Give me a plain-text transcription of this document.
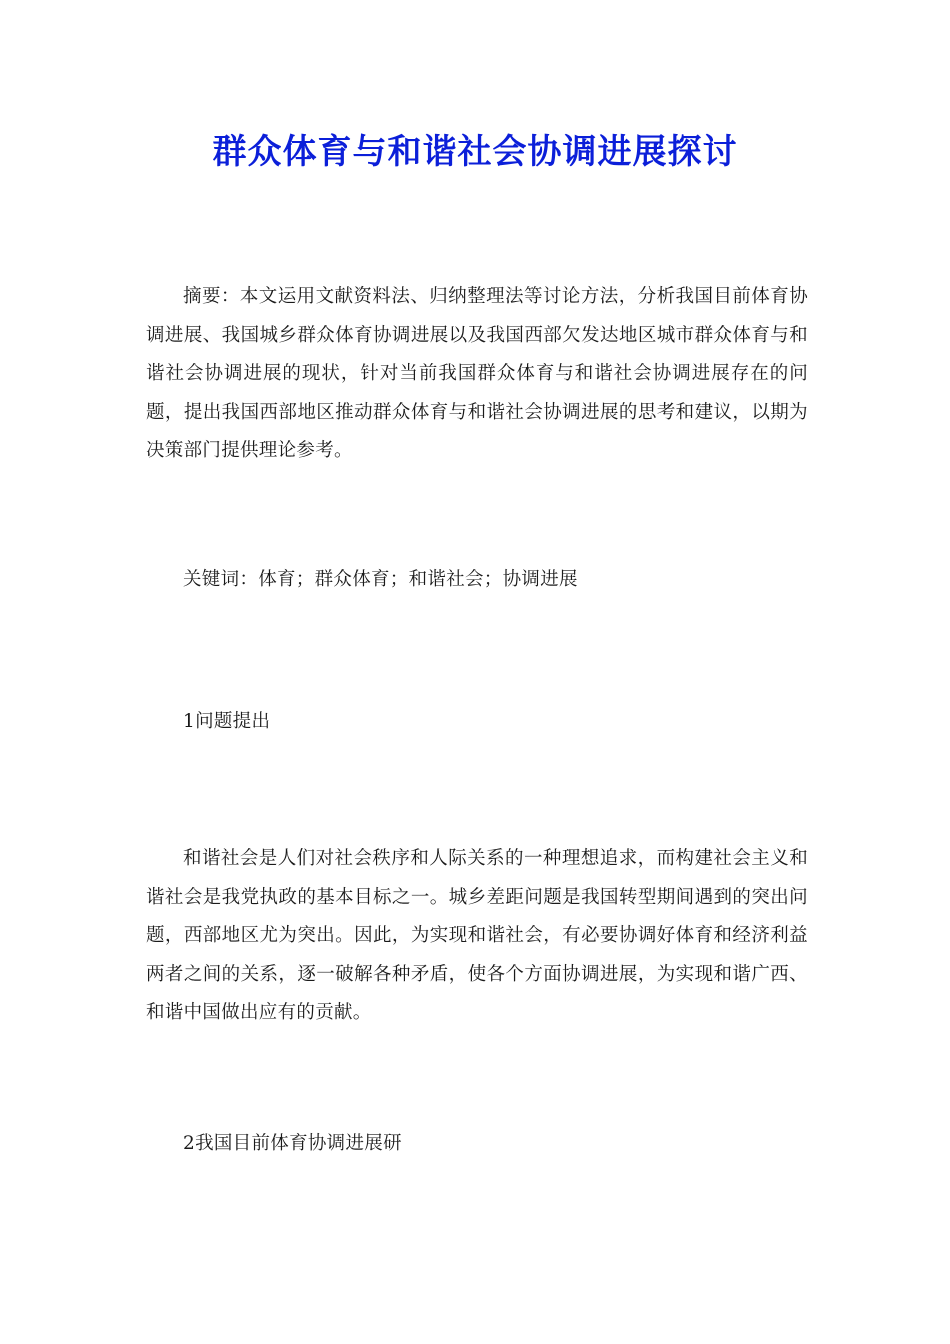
群众体育与和谐社会协调进展探讨

摘要：本文运用文献资料法、归纳整理法等讨论方法，分析我国目前体育协调进展、我国城乡群众体育协调进展以及我国西部欠发达地区城市群众体育与和谐社会协调进展的现状，针对当前我国群众体育与和谐社会协调进展存在的问题，提出我国西部地区推动群众体育与和谐社会协调进展的思考和建议，以期为决策部门提供理论参考。

关键词：体育；群众体育；和谐社会；协调进展

1问题提出

和谐社会是人们对社会秩序和人际关系的一种理想追求，而构建社会主义和谐社会是我党执政的基本目标之一。城乡差距问题是我国转型期间遇到的突出问题，西部地区尤为突出。因此，为实现和谐社会，有必要协调好体育和经济利益两者之间的关系，逐一破解各种矛盾，使各个方面协调进展，为实现和谐广西、和谐中国做出应有的贡献。

2我国目前体育协调进展研
